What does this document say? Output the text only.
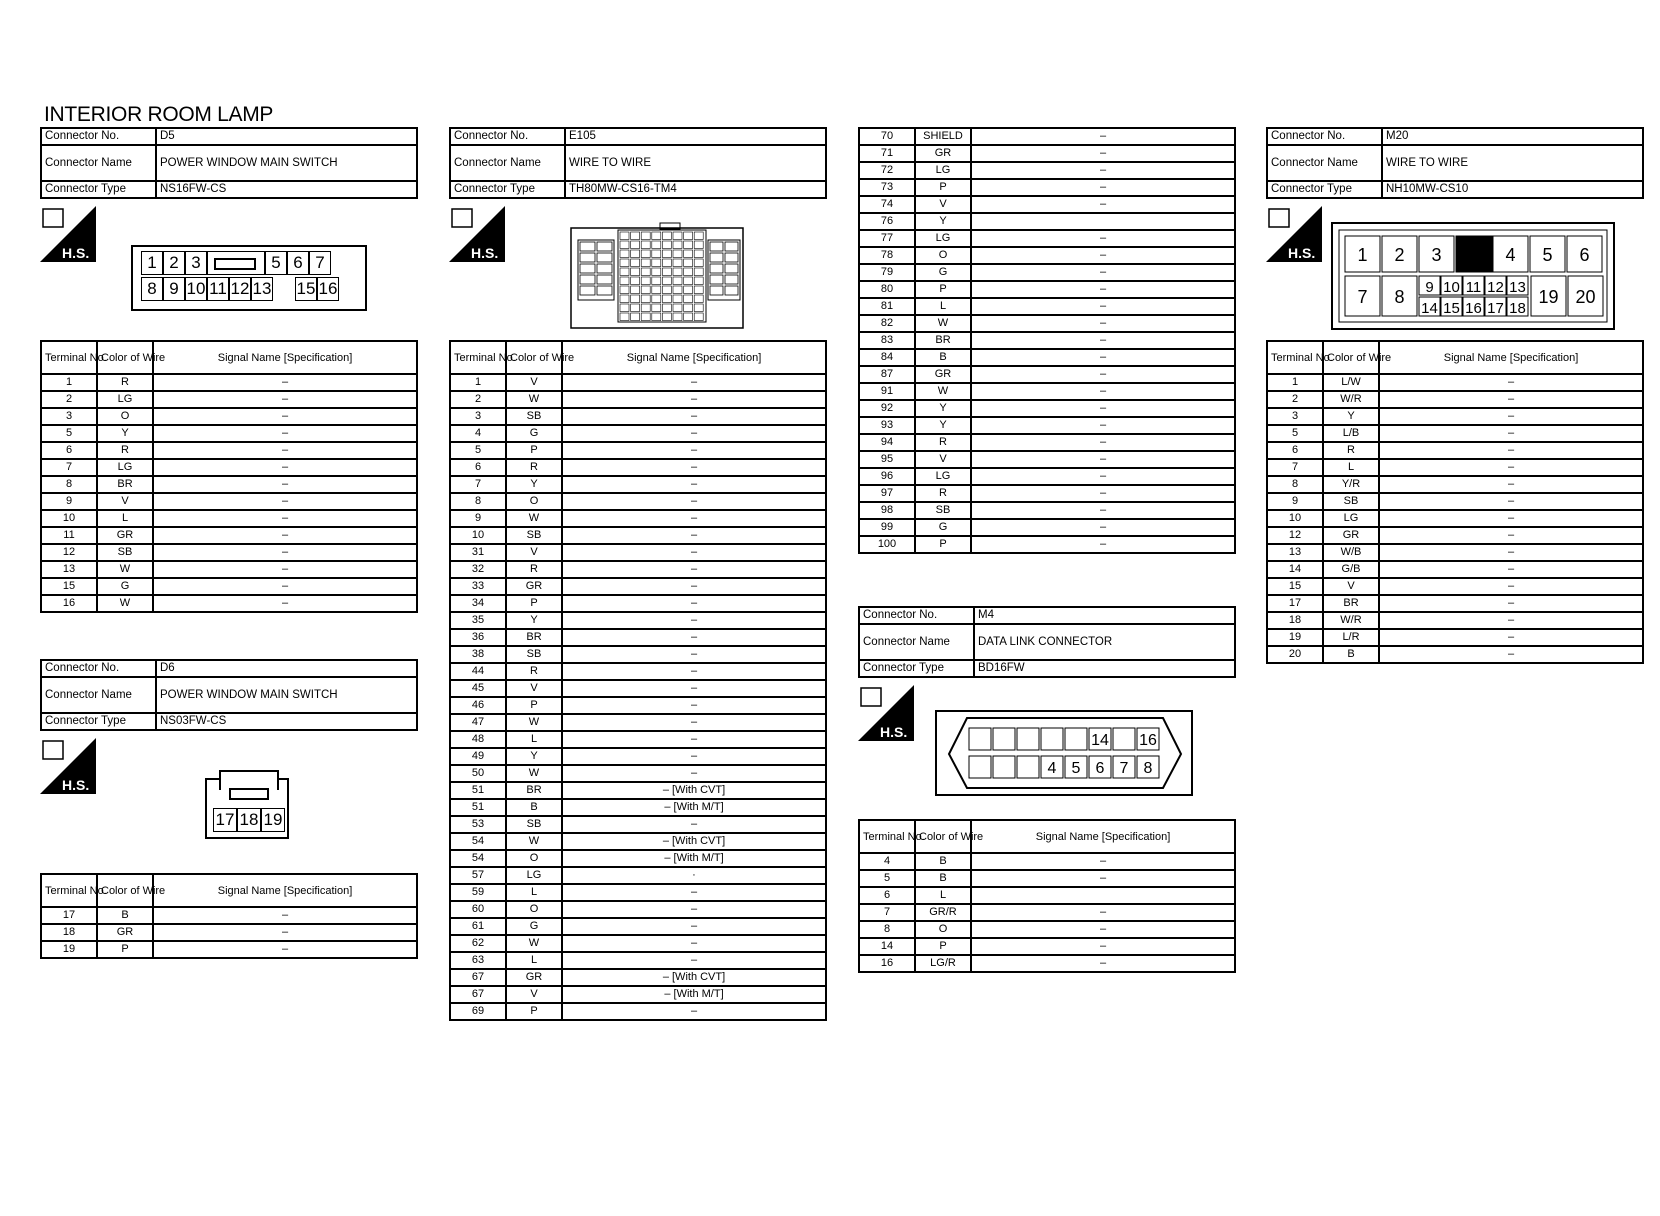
INTERIOR ROOM LAMP
Connector No.	D5
Connector Name	POWER WINDOW MAIN SWITCH
Connector Type	NS16FW-CS
H.S.	1 2 3	5 6 7
8 9 10 11 12 13 15 16
Terminal No.	Color of Wire	Signal Name [Specification]
1	R	–
2	LG	–
3	O	–
5	Y	–
6	R	–
7	LG	–
8	BR	–
9	V	–
10	L	–
11	GR	–
12	SB	–
13	W	–
15	G	–
16	W	–
Connector No.	D6
Connector Name	POWER WINDOW MAIN SWITCH
Connector Type	NS03FW-CS
H.S.
17 18 19
Terminal No.	Color of Wire	Signal Name [Specification]
17	B	–
18	GR	–
19	P	–
Connector No.	E105
Connector Name	WIRE TO WIRE
Connector Type	TH80MW-CS16-TM4
H.S.
Terminal No.	Color of Wire	Signal Name [Specification]
1	V	–
2	W	–
3	SB	–
4	G	–
5	P	–
6	R	–
7	Y	–
8	O	–
9	W	–
10	SB	–
31	V	–
32	R	–
33	GR	–
34	P	–
35	Y	–
36	BR	–
38	SB	–
44	R	–
45	V	–
46	P	–
47	W	–
48	L	–
49	Y	–
50	W	–
51	BR	– [With CVT]
51	B	– [With M/T]
53	SB	–
54	W	– [With CVT]
54	O	– [With M/T]
57	LG	·
59	L	–
60	O	–
61	G	–
62	W	–
63	L	–
67	GR	– [With CVT]
67	V	– [With M/T]
69	P	–
70	SHIELD	–
71	GR	–
72	LG	–
73	P	–
74	V	–
76	Y	
77	LG	–
78	O	–
79	G	–
80	P	–
81	L	–
82	W	–
83	BR	–
84	B	–
87	GR	–
91	W	–
92	Y	–
93	Y	–
94	R	–
95	V	–
96	LG	–
97	R	–
98	SB	–
99	G	–
100	P	–
Connector No.	M4
Connector Name	DATA LINK CONNECTOR
Connector Type	BD16FW
H.S.	14 16
4 5 6 7 8
Terminal No.	Color of Wire	Signal Name [Specification]
4	B	–
5	B	–
6	L	
7	GR/R	–
8	O	–
14	P	–
16	LG/R	–
Connector No.	M20
Connector Name	WIRE TO WIRE
Connector Type	NH10MW-CS10
H.S. 1 2 3	4 5 6
7 8 9 10 11 12 13
14 15 16 17 18
19 20
Terminal No.	Color of Wire	Signal Name [Specification]
1	L/W	–
2	W/R	–
3	Y	–
5	L/B	–
6	R	–
7	L	–
8	Y/R	–
9	SB	–
10	LG	–
12	GR	–
13	W/B	–
14	G/B	–
15	V	–
17	BR	–
18	W/R	–
19	L/R	–
20	B	–
